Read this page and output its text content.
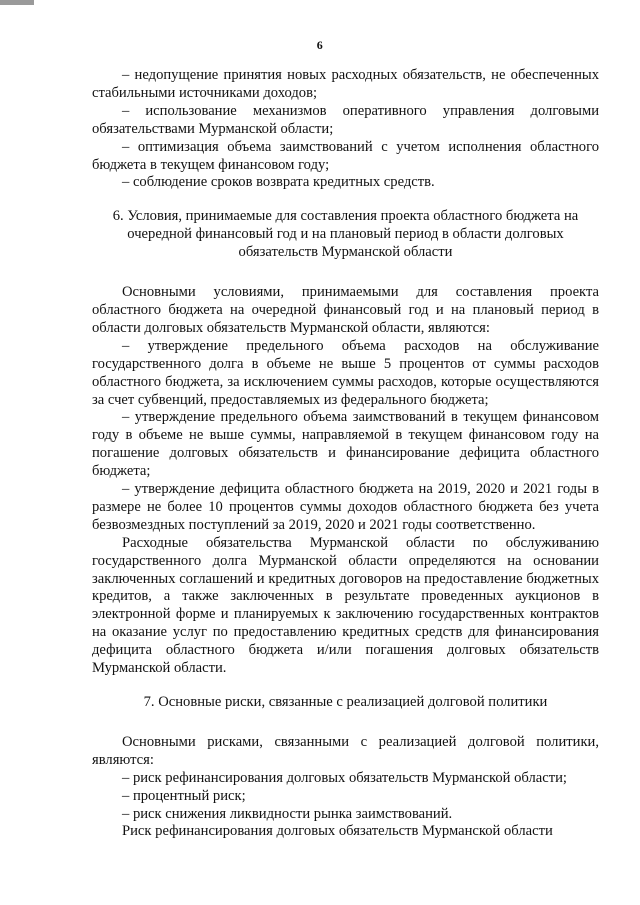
6

– недопущение принятия новых расходных обязательств, не обеспеченных стабильными источниками доходов;

– использование механизмов оперативного управления долговыми обязательствами Мурманской области;

– оптимизация объема заимствований с учетом исполнения областного бюджета в текущем финансовом году;

– соблюдение сроков возврата кредитных средств.

6. Условия, принимаемые для составления проекта областного бюджета на очередной финансовый год и на плановый период в области долговых обязательств Мурманской области

Основными условиями, принимаемыми для составления проекта областного бюджета на очередной финансовый год и на плановый период в области долговых обязательств Мурманской области, являются:

– утверждение предельного объема расходов на обслуживание государственного долга в объеме не выше 5 процентов от суммы расходов областного бюджета, за исключением суммы расходов, которые осуществляются за счет субвенций, предоставляемых из федерального бюджета;

– утверждение предельного объема заимствований в текущем финансовом году в объеме не выше суммы, направляемой в текущем финансовом году на погашение долговых обязательств и финансирование дефицита областного бюджета;

– утверждение дефицита областного бюджета на 2019, 2020 и 2021 годы в размере не более 10 процентов суммы доходов областного бюджета без учета безвозмездных поступлений за 2019, 2020 и 2021 годы соответственно.

Расходные обязательства Мурманской области по обслуживанию государственного долга Мурманской области определяются на основании заключенных соглашений и кредитных договоров на предоставление бюджетных кредитов, а также заключенных в результате проведенных аукционов в электронной форме и планируемых к заключению государственных контрактов на оказание услуг по предоставлению кредитных средств для финансирования дефицита областного бюджета и/или погашения долговых обязательств Мурманской области.

7. Основные риски, связанные с реализацией долговой политики

Основными рисками, связанными с реализацией долговой политики, являются:

– риск рефинансирования долговых обязательств Мурманской области;

– процентный риск;

– риск снижения ликвидности рынка заимствований.

Риск рефинансирования долговых обязательств Мурманской области
